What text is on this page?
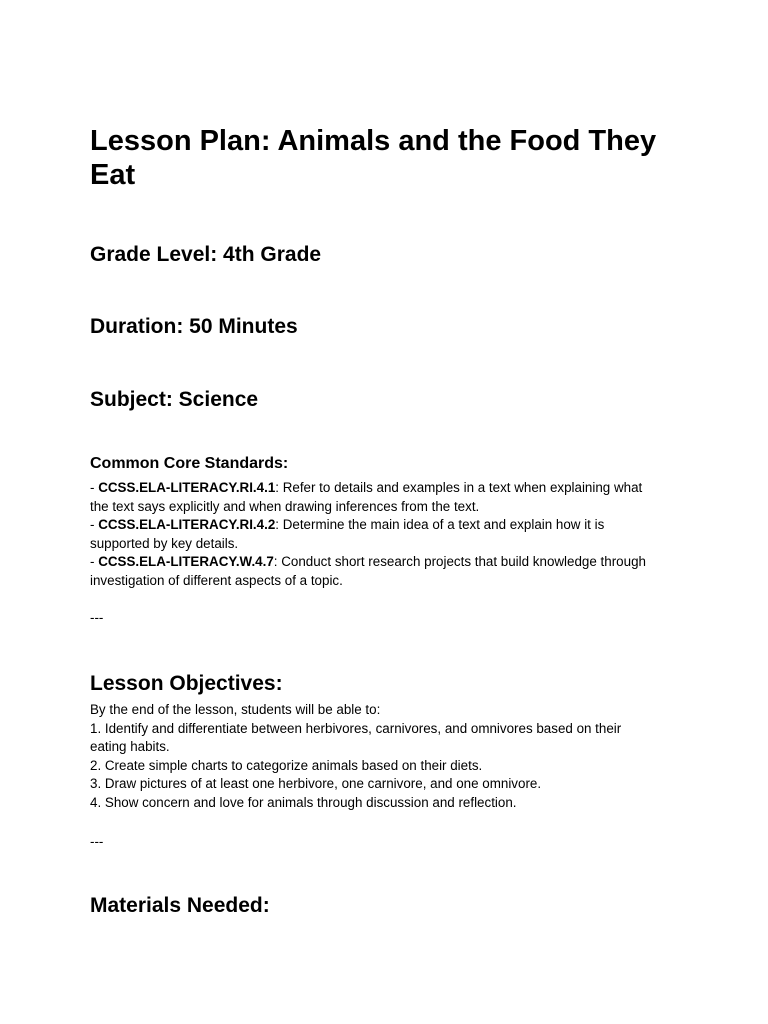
Lesson Plan: Animals and the Food They Eat
Grade Level: 4th Grade
Duration: 50 Minutes
Subject: Science
Common Core Standards:
- CCSS.ELA-LITERACY.RI.4.1: Refer to details and examples in a text when explaining what
the text says explicitly and when drawing inferences from the text.
- CCSS.ELA-LITERACY.RI.4.2: Determine the main idea of a text and explain how it is
supported by key details.
- CCSS.ELA-LITERACY.W.4.7: Conduct short research projects that build knowledge through
investigation of different aspects of a topic.

---

Lesson Objectives:
By the end of the lesson, students will be able to:
1. Identify and differentiate between herbivores, carnivores, and omnivores based on their
eating habits.
2. Create simple charts to categorize animals based on their diets.
3. Draw pictures of at least one herbivore, one carnivore, and one omnivore.
4. Show concern and love for animals through discussion and reflection.

---

Materials Needed:
